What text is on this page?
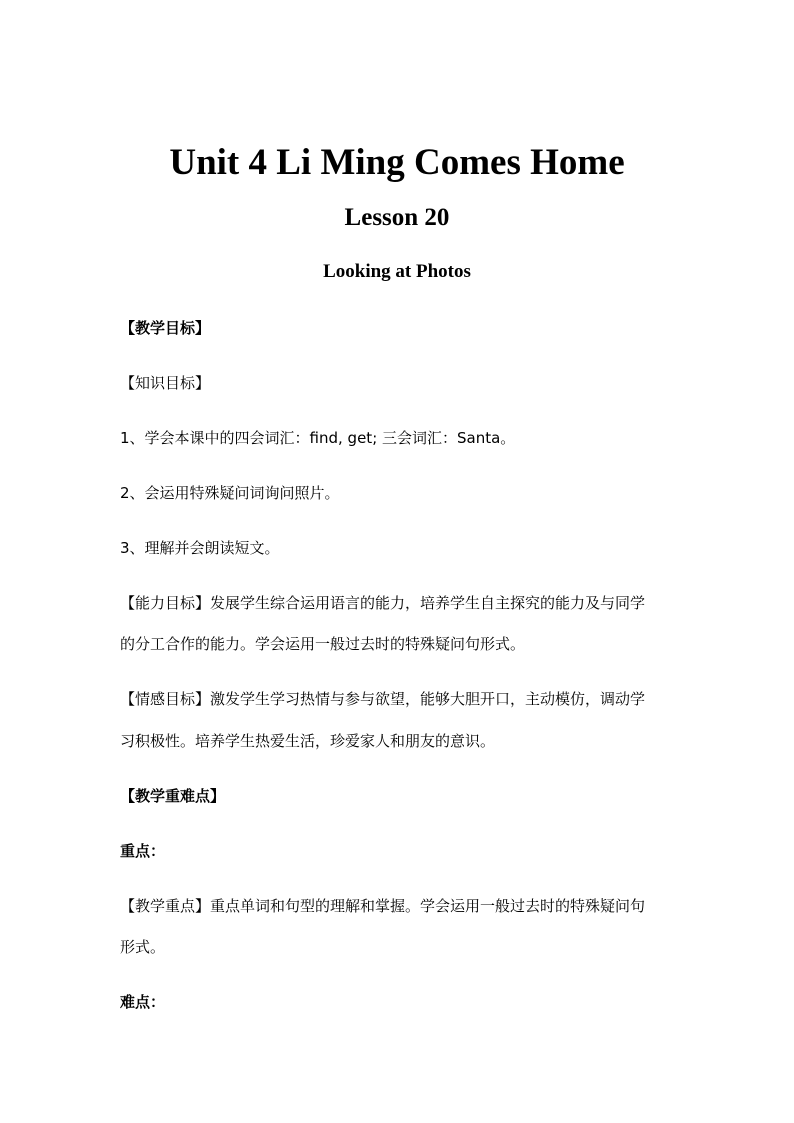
Unit 4 Li Ming Comes Home
Lesson 20
Looking at Photos
【教学目标】
【知识目标】
1、学会本课中的四会词汇：find, get; 三会词汇：Santa。
2、会运用特殊疑问词询问照片。
3、理解并会朗读短文。
【能力目标】发展学生综合运用语言的能力，培养学生自主探究的能力及与同学
的分工合作的能力。学会运用一般过去时的特殊疑问句形式。
【情感目标】激发学生学习热情与参与欲望，能够大胆开口，主动模仿，调动学
习积极性。培养学生热爱生活，珍爱家人和朋友的意识。
【教学重难点】
重点：
【教学重点】重点单词和句型的理解和掌握。学会运用一般过去时的特殊疑问句
形式。
难点：
